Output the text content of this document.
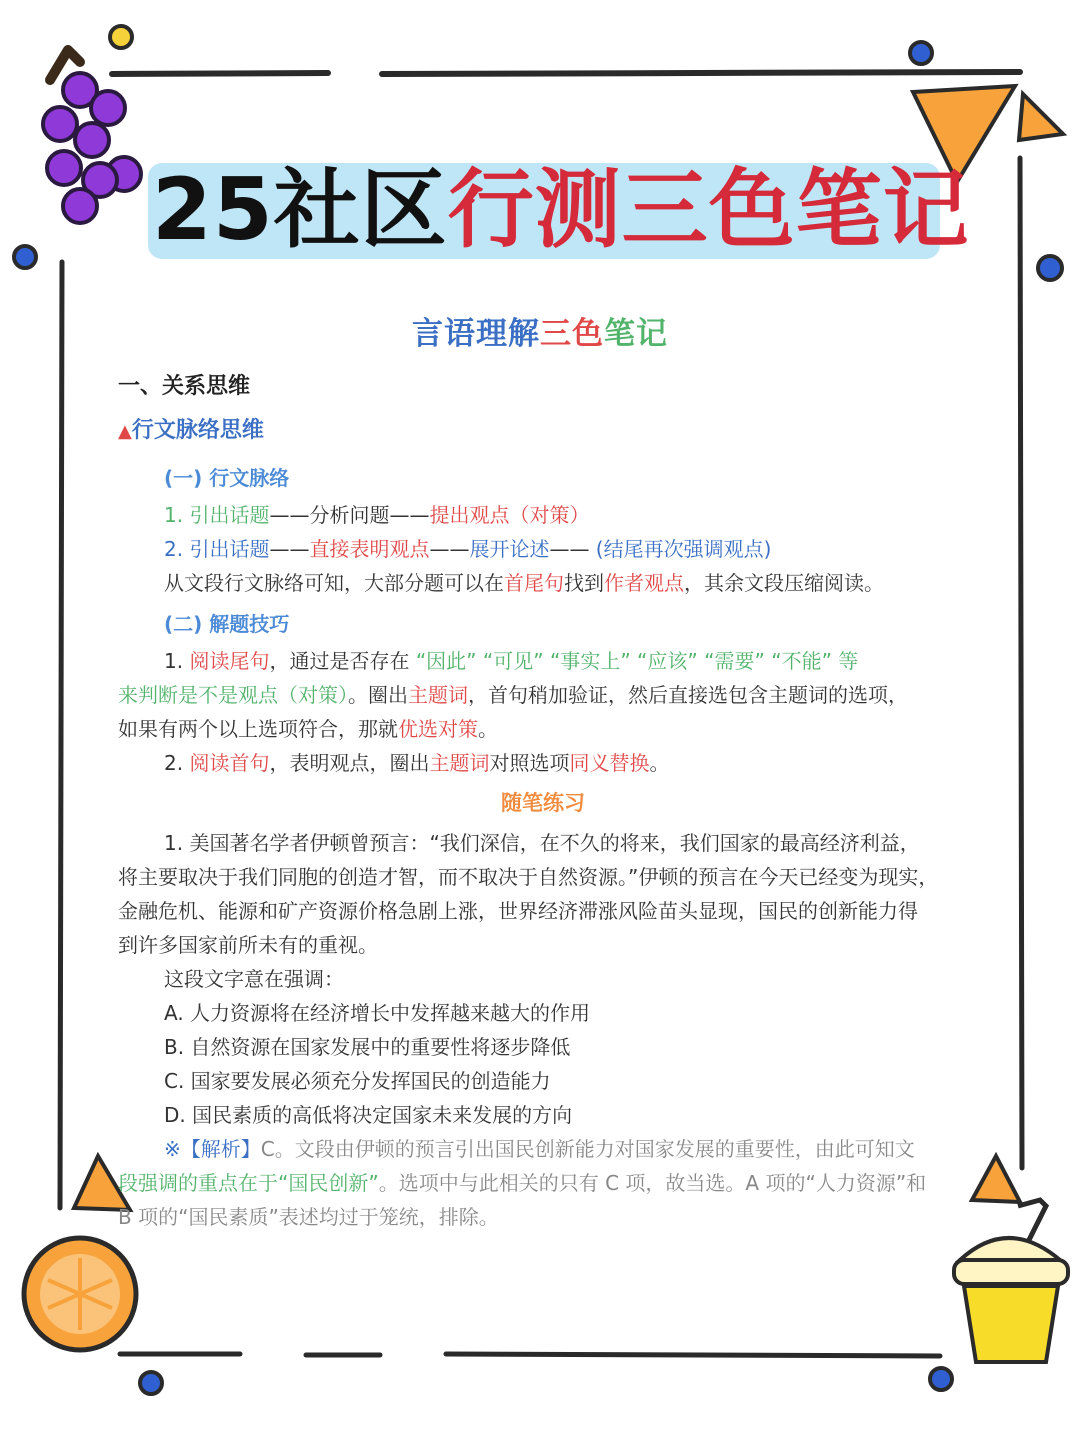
25社区行测三色笔记
言语理解三色笔记

一、关系思维

▲行文脉络思维

(一) 行文脉络

1. 引出话题——分析问题——提出观点（对策）

2. 引出话题——直接表明观点——展开论述—— (结尾再次强调观点)

从文段行文脉络可知，大部分题可以在首尾句找到作者观点，其余文段压缩阅读。

(二) 解题技巧

1. 阅读尾句，通过是否存在 “因此” “可见” “事实上” “应该” “需要” “不能” 等

来判断是不是观点（对策）。圈出主题词，首句稍加验证，然后直接选包含主题词的选项，

如果有两个以上选项符合，那就优选对策。

2. 阅读首句，表明观点，圈出主题词对照选项同义替换。

随笔练习

1. 美国著名学者伊顿曾预言：“我们深信，在不久的将来，我们国家的最高经济利益，

将主要取决于我们同胞的创造才智，而不取决于自然资源。”伊顿的预言在今天已经变为现实，

金融危机、能源和矿产资源价格急剧上涨，世界经济滞涨风险苗头显现，国民的创新能力得

到许多国家前所未有的重视。

这段文字意在强调：

A. 人力资源将在经济增长中发挥越来越大的作用

B. 自然资源在国家发展中的重要性将逐步降低

C. 国家要发展必须充分发挥国民的创造能力

D. 国民素质的高低将决定国家未来发展的方向

※【解析】C。文段由伊顿的预言引出国民创新能力对国家发展的重要性，由此可知文

段强调的重点在于“国民创新”。选项中与此相关的只有 C 项，故当选。A 项的“人力资源”和

B 项的“国民素质”表述均过于笼统，排除。
